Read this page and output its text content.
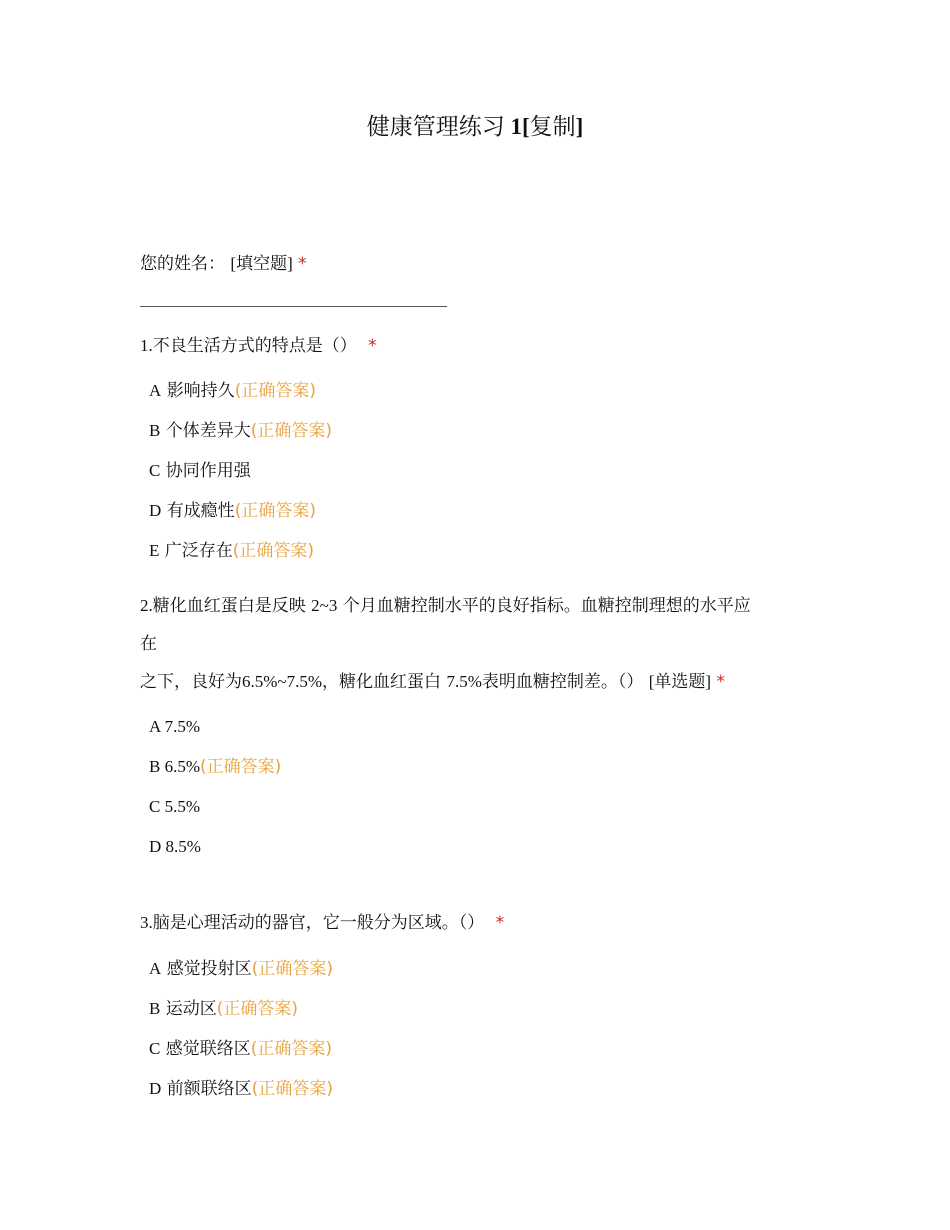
健康管理练习 1[复制]
您的姓名： [填空题] *
1.不良生活方式的特点是（） *
A 影响持久(正确答案)
B 个体差异大(正确答案)
C 协同作用强
D 有成瘾性(正确答案)
E 广泛存在(正确答案)
2.糖化血红蛋白是反映 2~3 个月血糖控制水平的良好指标。血糖控制理想的水平应
在
之下，良好为6.5%~7.5%，糖化血红蛋白 7.5%表明血糖控制差。（） [单选题] *
A 7.5%
B 6.5%(正确答案)
C 5.5%
D 8.5%
3.脑是心理活动的器官，它一般分为区域。（） *
A 感觉投射区(正确答案)
B 运动区(正确答案)
C 感觉联络区(正确答案)
D 前额联络区(正确答案)
